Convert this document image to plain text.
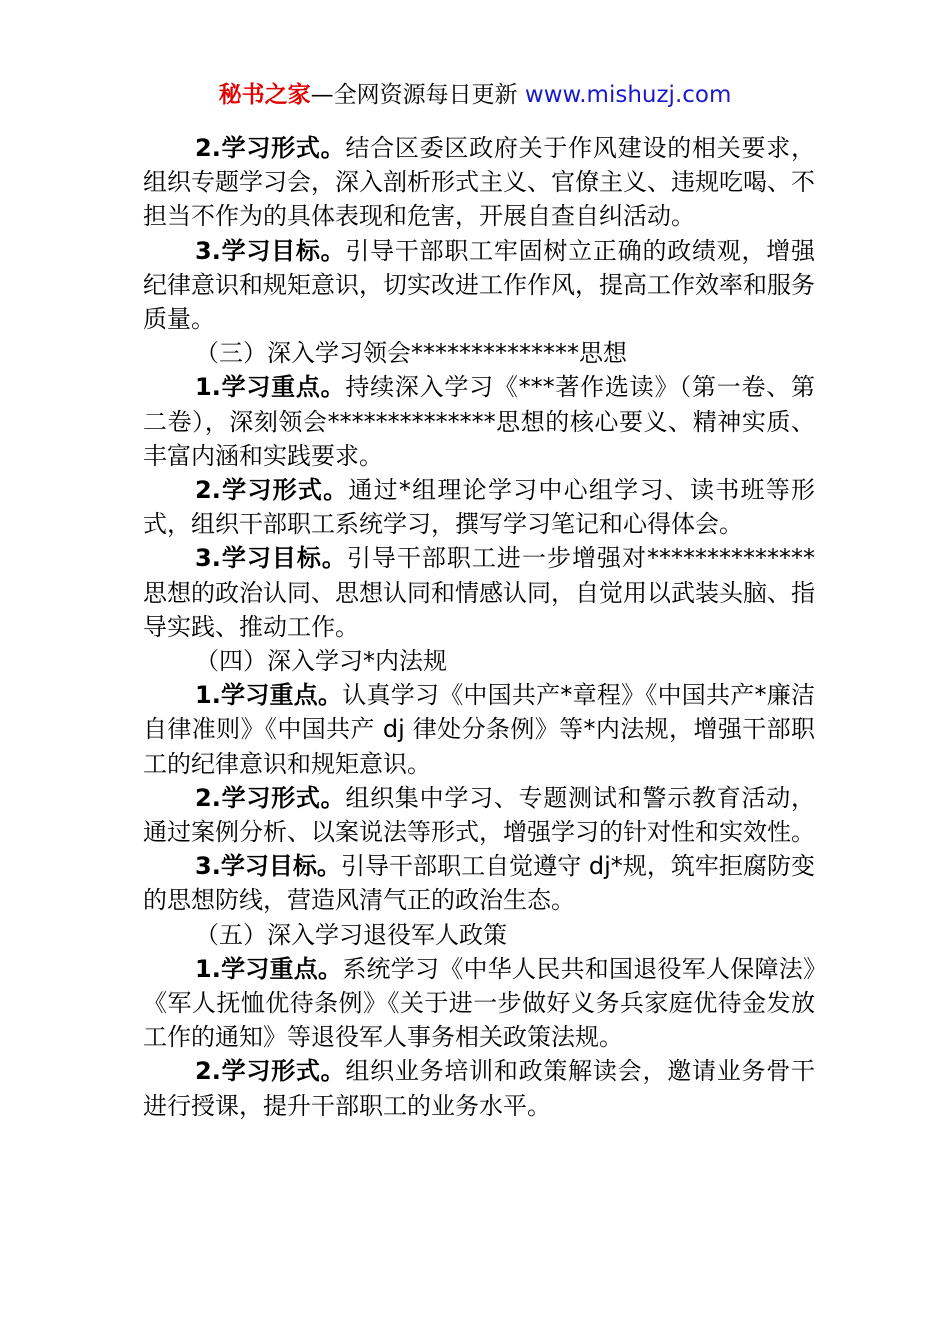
秘书之家—全网资源每日更新 www.mishuzj.com

2.学习形式。结合区委区政府关于作风建设的相关要求，组织专题学习会，深入剖析形式主义、官僚主义、违规吃喝、不担当不作为的具体表现和危害，开展自查自纠活动。

3.学习目标。引导干部职工牢固树立正确的政绩观，增强纪律意识和规矩意识，切实改进工作作风，提高工作效率和服务质量。

（三）深入学习领会**************思想

1.学习重点。持续深入学习《***著作选读》（第一卷、第二卷），深刻领会**************思想的核心要义、精神实质、丰富内涵和实践要求。

2.学习形式。通过*组理论学习中心组学习、读书班等形式，组织干部职工系统学习，撰写学习笔记和心得体会。

3.学习目标。引导干部职工进一步增强对**************思想的政治认同、思想认同和情感认同，自觉用以武装头脑、指导实践、推动工作。

（四）深入学习*内法规

1.学习重点。认真学习《中国共产*章程》《中国共产*廉洁自律准则》《中国共产 dj 律处分条例》等*内法规，增强干部职工的纪律意识和规矩意识。

2.学习形式。组织集中学习、专题测试和警示教育活动，通过案例分析、以案说法等形式，增强学习的针对性和实效性。

3.学习目标。引导干部职工自觉遵守 dj*规，筑牢拒腐防变的思想防线，营造风清气正的政治生态。

（五）深入学习退役军人政策

1.学习重点。系统学习《中华人民共和国退役军人保障法》《军人抚恤优待条例》《关于进一步做好义务兵家庭优待金发放工作的通知》等退役军人事务相关政策法规。

2.学习形式。组织业务培训和政策解读会，邀请业务骨干进行授课，提升干部职工的业务水平。
